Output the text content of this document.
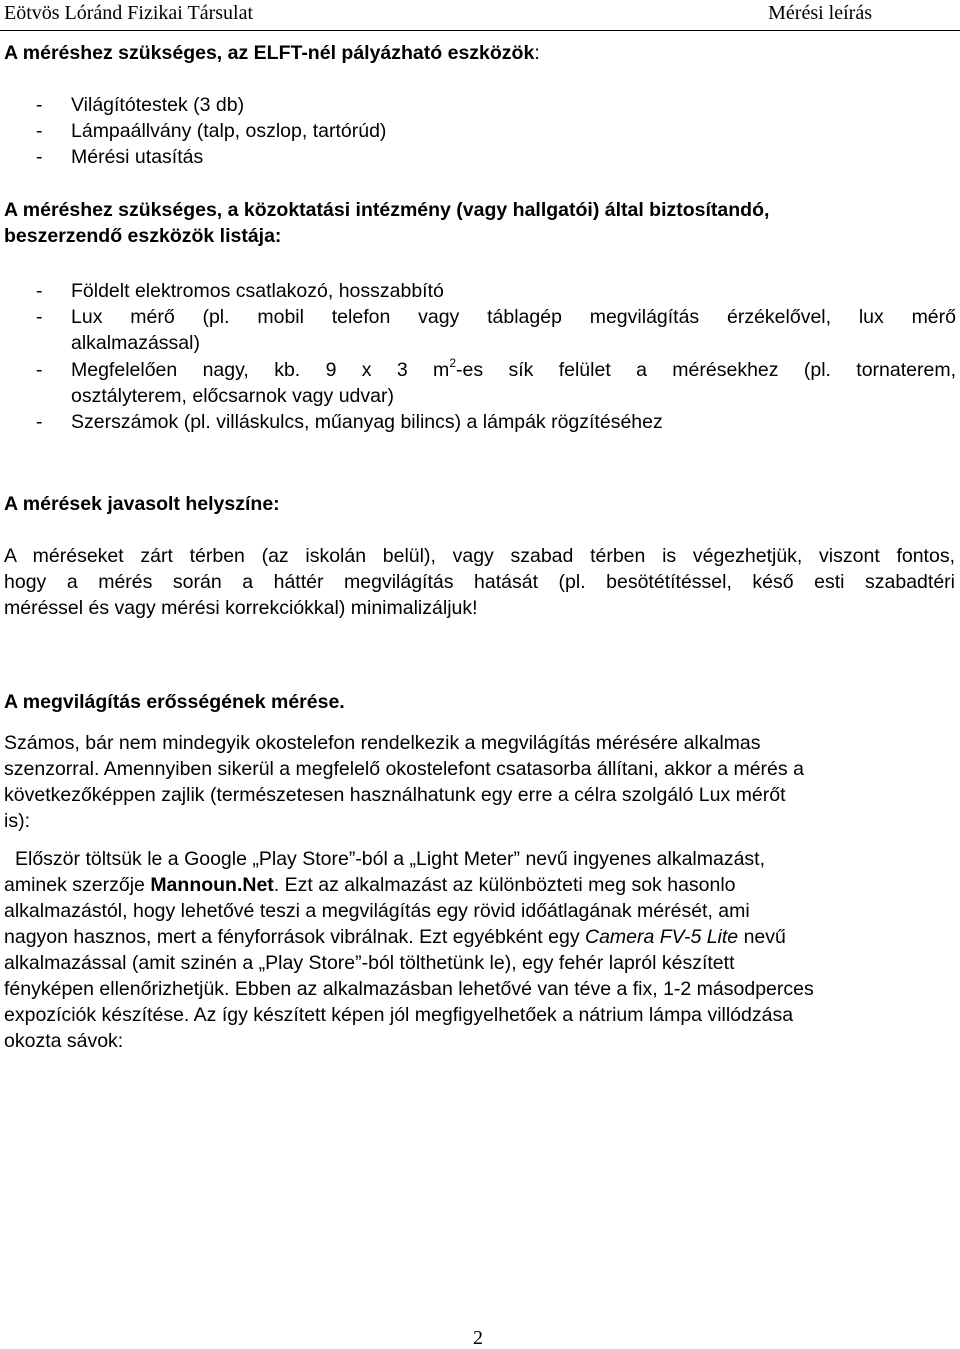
Eötvös Lóránd Fizikai Társulat	Mérési leírás
A méréshez szükséges, az ELFT-nél pályázható eszközök:
- Világítótestek (3 db)
- Lámpaállvány (talp, oszlop, tartórúd)
- Mérési utasítás
A méréshez szükséges, a közoktatási intézmény (vagy hallgatói) által biztosítandó,
beszerzendő eszközök listája:
- Földelt elektromos csatlakozó, hosszabbító
- Lux mérő (pl. mobil telefon vagy táblagép megvilágítás érzékelővel, lux mérő
alkalmazással)
- Megfelelően nagy, kb. 9 x 3 $m^2-es$ sík felület a mérésekhez (pl. tornaterem,
osztályterem, előcsarnok vagy udvar)
- Szerszámok (pl. villáskulcs, műanyag bilincs) a lámpák rögzítéséhez
A mérések javasolt helyszíne:
A méréseket zárt térben (az iskolán belül), vagy szabad térben is végezhetjük, viszont fontos,
hogy a mérés során a háttér megvilágítás hatását (pl. besötétítéssel, késő esti szabadtéri
méréssel és vagy mérési korrekciókkal) minimalizáljuk!
A megvilágítás erősségének mérése.
Számos, bár nem mindegyik okostelefon rendelkezik a megvilágítás mérésére alkalmas
szenzorral. Amennyiben sikerül a megfelelő okostelefont csatasorba állítani, akkor a mérés a
következőképpen zajlik (természetesen használhatunk egy erre a célra szolgáló Lux mérőt
is):
Először töltsük le a Google „Play Store”-ból a „Light Meter” nevű ingyenes alkalmazást,
aminek szerzője Mannoun.Net. Ezt az alkalmazást az különbözteti meg sok hasonlo
alkalmazástól, hogy lehetővé teszi a megvilágítás egy rövid időátlagának mérését, ami
nagyon hasznos, mert a fényforrások vibrálnak. Ezt egyébként egy Camera FV-5 Lite nevű
alkalmazással (amit szinén a „Play Store”-ból tölthetünk le), egy fehér lapról készített
fényképen ellenőrizhetjük. Ebben az alkalmazásban lehetővé van téve a fix, 1-2 másodperces
expozíciók készítése. Az így készített képen jól megfigyelhetőek a nátrium lámpa villódzása
okozta sávok:
2
